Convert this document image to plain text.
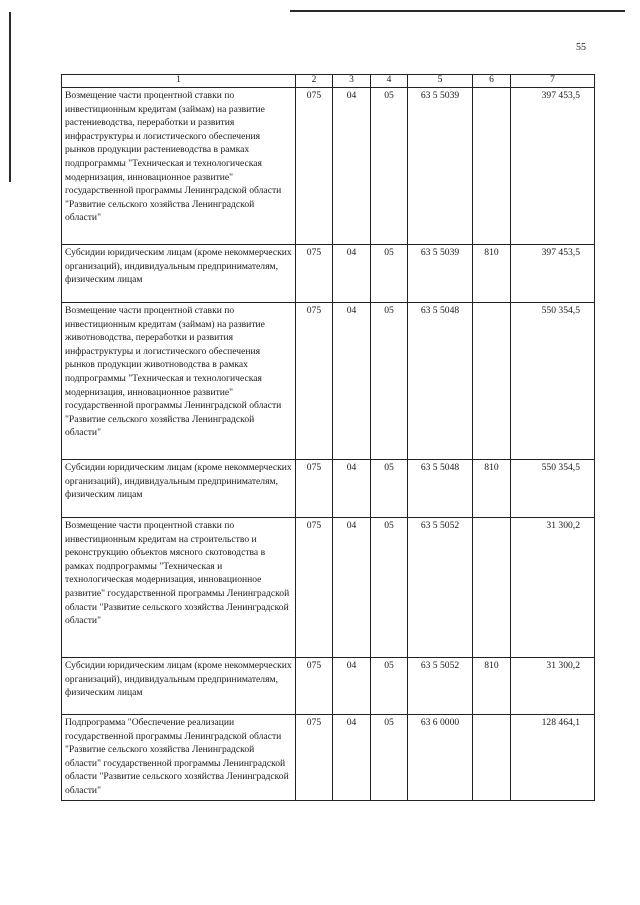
55
1	2	3	4	5	6	7
Возмещение части процентной ставки по инвестиционным кредитам (займам) на развитие растениеводства, переработки и развития инфраструктуры и логистического обеспечения рынков продукции растениеводства в рамках подпрограммы "Техническая и технологическая модернизация, инновационное развитие" государственной программы Ленинградской области "Развитие сельского хозяйства Ленинградской области"	075	04	05	63 5 5039		397 453,5
Субсидии юридическим лицам (кроме некоммерческих организаций), индивидуальным предпринимателям, физическим лицам	075	04	05	63 5 5039	810	397 453,5
Возмещение части процентной ставки по инвестиционным кредитам (займам) на развитие животноводства, переработки и развития инфраструктуры и логистического обеспечения рынков продукции животноводства в рамках подпрограммы "Техническая и технологическая модернизация, инновационное развитие" государственной программы Ленинградской области "Развитие сельского хозяйства Ленинградской области"	075	04	05	63 5 5048		550 354,5
Субсидии юридическим лицам (кроме некоммерческих организаций), индивидуальным предпринимателям, физическим лицам	075	04	05	63 5 5048	810	550 354,5
Возмещение части процентной ставки по инвестиционным кредитам на строительство и реконструкцию объектов мясного скотоводства в рамках подпрограммы "Техническая и технологическая модернизация, инновационное развитие" государственной программы Ленинградской области "Развитие сельского хозяйства Ленинградской области"	075	04	05	63 5 5052		31 300,2
Субсидии юридическим лицам (кроме некоммерческих организаций), индивидуальным предпринимателям, физическим лицам	075	04	05	63 5 5052	810	31 300,2
Подпрограмма "Обеспечение реализации государственной программы Ленинградской области "Развитие сельского хозяйства Ленинградской области" государственной программы Ленинградской области "Развитие сельского хозяйства Ленинградской области"	075	04	05	63 6 0000		128 464,1
